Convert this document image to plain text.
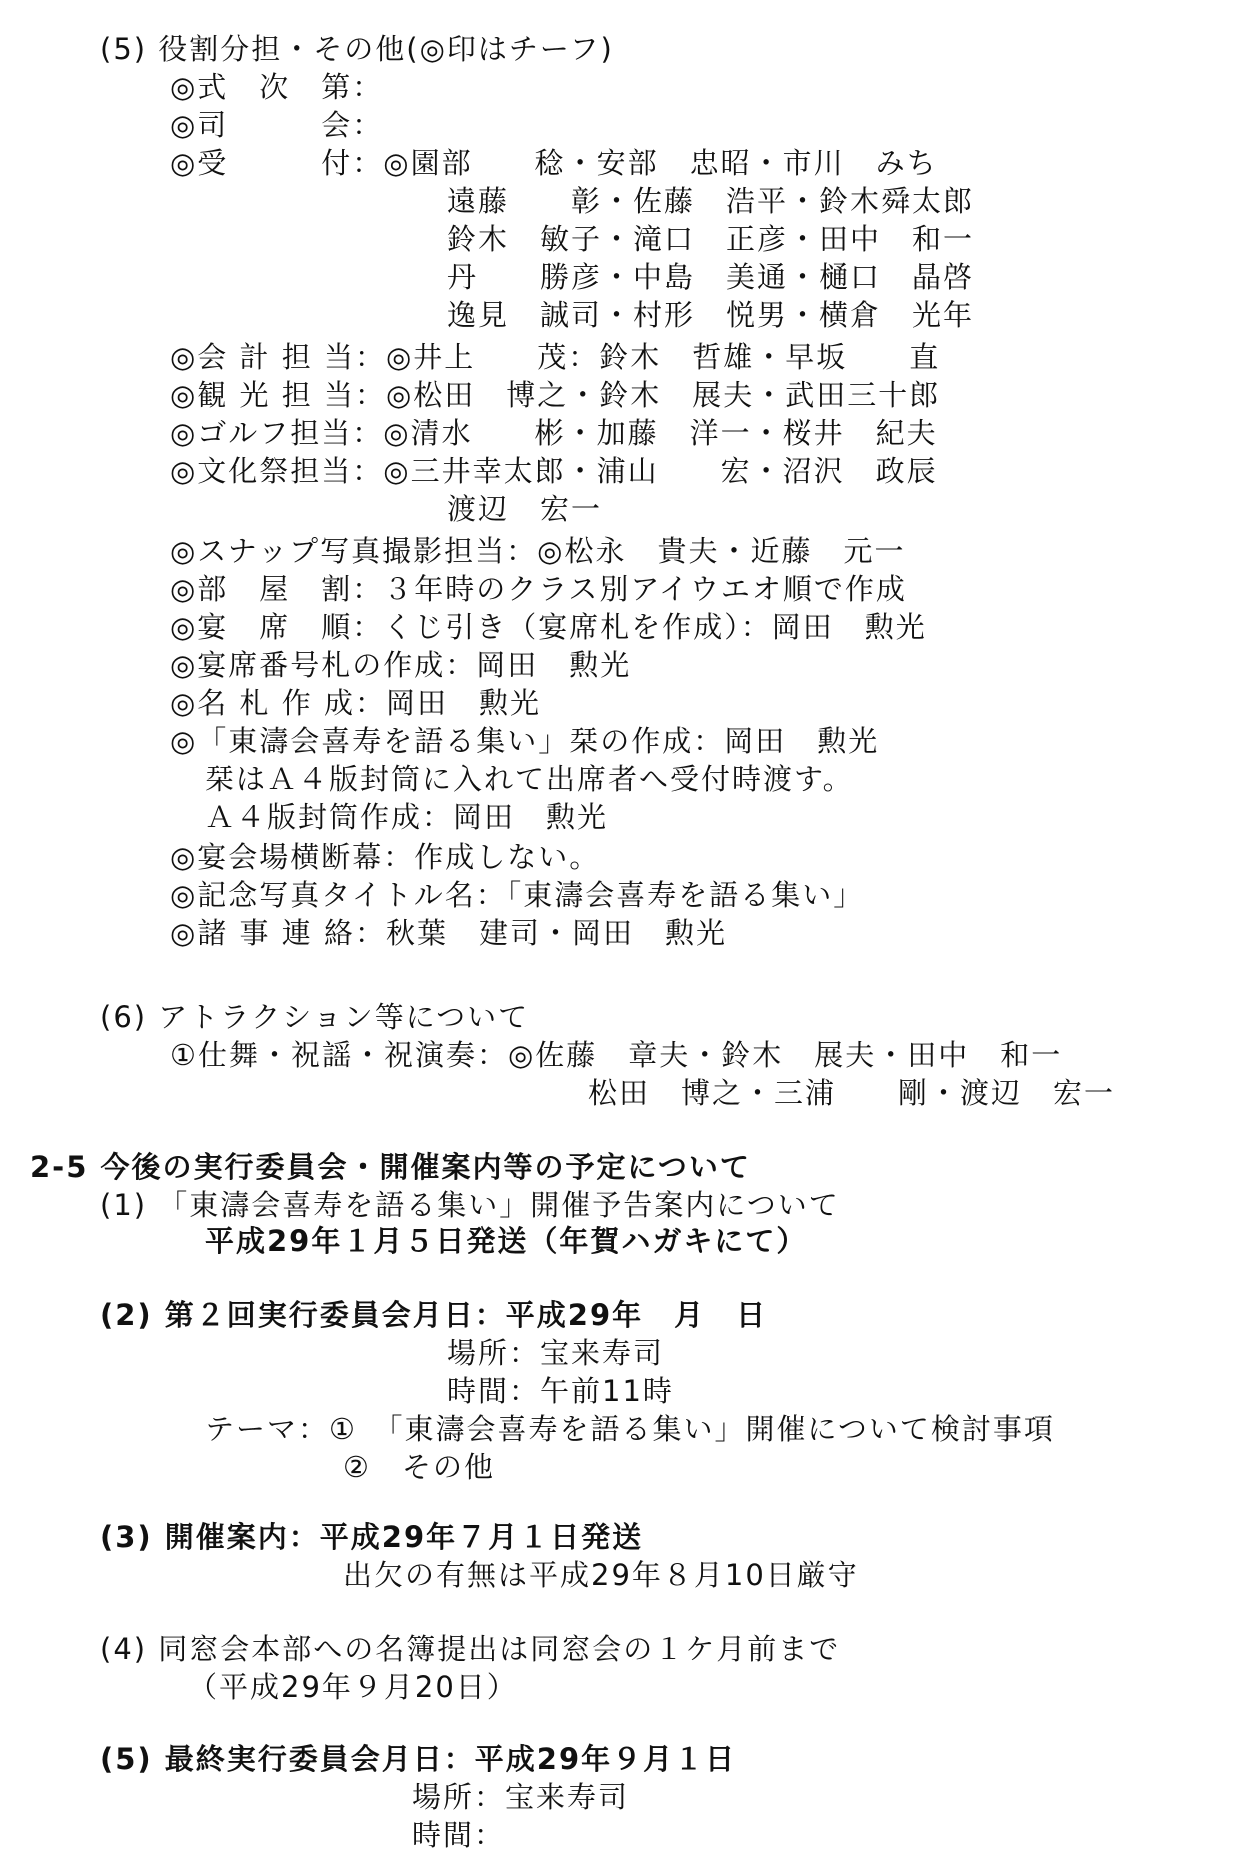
(5) 役割分担・その他(◎印はチーフ)
◎式　次　第：
◎司　　　会：
◎受　　　付：◎園部　　稔・安部　忠昭・市川　みち
遠藤　　彰・佐藤　浩平・鈴木舜太郎
鈴木　敏子・滝口　正彦・田中　和一
丹　　勝彦・中島　美通・樋口　晶啓
逸見　誠司・村形　悦男・横倉　光年
◎会 計 担 当：◎井上　　茂：鈴木　哲雄・早坂　　直
◎観 光 担 当：◎松田　博之・鈴木　展夫・武田三十郎
◎ゴルフ担当：◎清水　　彬・加藤　洋一・桜井　紀夫
◎文化祭担当：◎三井幸太郎・浦山　　宏・沼沢　政辰
渡辺　宏一
◎スナップ写真撮影担当：◎松永　貴夫・近藤　元一
◎部　屋　割：３年時のクラス別アイウエオ順で作成
◎宴　席　順：くじ引き（宴席札を作成）：岡田　勲光
◎宴席番号札の作成：岡田　勲光
◎名 札 作 成：岡田　勲光
◎「東濤会喜寿を語る集い」栞の作成：岡田　勲光
栞はＡ４版封筒に入れて出席者へ受付時渡す。
Ａ４版封筒作成：岡田　勲光
◎宴会場横断幕：作成しない。
◎記念写真タイトル名：「東濤会喜寿を語る集い」
◎諸 事 連 絡：秋葉　建司・岡田　勲光
(6) アトラクション等について
①仕舞・祝謡・祝演奏：◎佐藤　章夫・鈴木　展夫・田中　和一
松田　博之・三浦　　剛・渡辺　宏一
2-5 今後の実行委員会・開催案内等の予定について
(1) 「東濤会喜寿を語る集い」開催予告案内について
平成29年１月５日発送（年賀ハガキにて）
(2) 第２回実行委員会月日：平成29年　月　日
場所：宝来寿司
時間：午前11時
テーマ：①　「東濤会喜寿を語る集い」開催について検討事項
②　その他
(3) 開催案内：平成29年７月１日発送
出欠の有無は平成29年８月10日厳守
(4) 同窓会本部への名簿提出は同窓会の１ケ月前まで
（平成29年９月20日）
(5) 最終実行委員会月日：平成29年９月１日
場所：宝来寿司
時間：
